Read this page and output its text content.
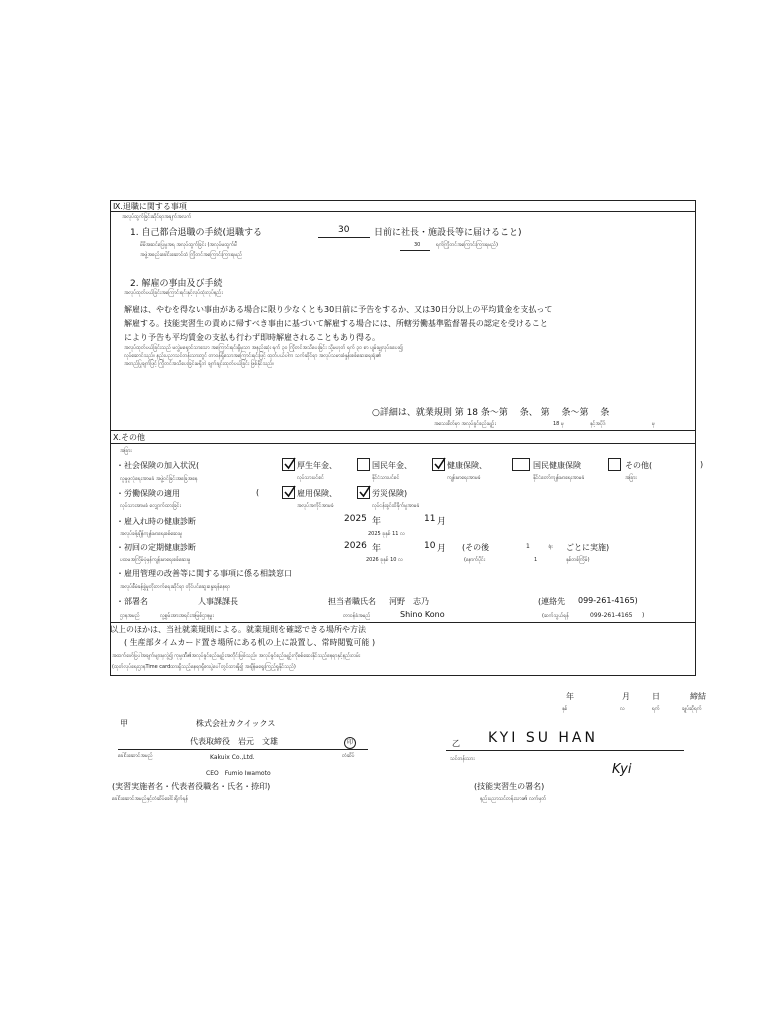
Ⅸ.退職に関する事項
အလုပ်ထွက်ခြင်းဆိုင်ရာအချက်အလက်
1. 自己都合退職の手続(退職する	30	日前に社長・施設長等に届けること)
မိမိအဆင်ပြေမှုအရ အလုပ်ထွက်ခြင်း (အလုပ်မထွက်မီ	30	ရက်ကြိုတင်အကြောင်းကြားရမည်)
အဖွဲ့အစည်းခေါင်းဆောင်ထံ ကြိုတင်အကြောင်းကြားရမည်
2. 解雇の事由及び手続
အလုပ်ထုတ်ပယ်ခြင်းအကြောင်းရင်းနှင့်လုပ်ထုံးလုပ်နည်း
解雇は、やむを得ない事由がある場合に限り少なくとも30日前に予告をするか、又は30日分以上の平均賃金を支払って
解雇する。技能実習生の責めに帰すべき事由に基づいて解雇する場合には、所轄労働基準監督署長の認定を受けること
により予告も平均賃金の支払も行わず即時解雇されることもあり得る。
အလုပ်ထုတ်ပယ်ခြင်းသည် မလွှဲမရှောင်သာသော အကြောင်းရင်းရှိမှသာ အနည်းဆုံး ရက် ၃၀ ကြိုတင်အသိပေးခြင်း သို့မဟုတ် ရက် ၃၀ စာ ပျမ်းမျှလုပ်ခပေး၍
လုပ်ဆောင်သည်။ နည်းပညာသင်တန်းသားတွင် တာဝန်ရှိသောအကြောင်းရင်းဖြင့် ထုတ်ပယ်ပါက သက်ဆိုင်ရာ အလုပ်သမားစံနှုန်းစစ်ဆေးရေးရုံး၏
အတည်ပြုချက်ဖြင့် ကြိုတင်အသိပေးခြင်းမရှိဘဲ ချက်ချင်းထုတ်ပယ်ခြင်း ဖြစ်နိုင်သည်။
○詳細は、就業規則 第 18 条～第 　条、 第 　条～第 　条
အသေးစိတ်မှာ အလုပ်ခွင်စည်းမျဉ်း	18 မှ	နှင့်အပိုဒ်	မှ
Ⅹ.その他
အခြား
・社会保険の加入状況(
လူမှုဖူလုံရေးအာမခံ အဖွဲ့ဝင်ခြင်းအခြေအနေ
厚生年金、
လုပ်သားပင်စင်
国民年金、
နိုင်ငံသားပင်စင်
健康保険、
ကျန်းမာရေးအာမခံ
国民健康保険
နိုင်ငံတော်ကျန်းမာရေးအာမခံ
その他(
အခြား
)
・労働保険の適用
လုပ်သားအာမခံ လျှောက်ထားခြင်း
(	雇用保険、
အလုပ်အကိုင်အာမခံ
労災保険)
လုပ်ငန်းခွင်ထိခိုက်မှုအာမခံ
・雇入れ時の健康診断	2025 年	11 月
အလုပ်ခန့်ချိန်ကျန်းမာရေးစစ်ဆေးမှု	2025 ခုနှစ် 11 လ
・初回の定期健康診断	2026 年	10 月 (その後	1	年 ごとに実施)
ပထမအကြိမ်ပုံမှန်ကျန်းမာရေးစစ်ဆေးမှု	2026 ခုနှစ် 10 လ	(နောက်ပိုင်း	1	နှစ်တစ်ကြိမ်)
・雇用管理の改善等に関する事項に係る相談窓口
အလုပ်စီမံခန့်ခွဲမှုတိုးတက်ရေးဆိုင်ရာ တိုင်ပင်ဆွေးနွေးရန်နေရာ
・部署名	人事課課長
ဌာနအမည်	လူ့စွမ်းအားအရင်းအမြစ်ဌာနမှူး
担当者職氏名 河野　志乃
တာဝန်ခံအမည်	Shino Kono
(連絡先 099-261-4165)
(ဆက်သွယ်ရန်	099-261-4165 )
以上のほかは、当社就業規則による。就業規則を確認できる場所や方法
( 生産部タイムカード置き場所にある机の上に設置し、常時閲覧可能 )
အထက်ဖော်ပြပါအချက်များမှလွဲ၍ ကုမ္ပဏီ၏အလုပ်ခွင်စည်းမျဉ်းအတိုင်းဖြစ်သည်။ အလုပ်ခွင်စည်းမျဉ်းကိုစစ်ဆေးနိုင်သည့်နေရာနှင့်နည်းလမ်း
(ထုတ်လုပ်ရေးဌာနTime cardထားရှိသည့်နေရာရှိစားပွဲပေါ်တွင်ထားရှိ၍ အချိန်မရွေးကြည့်ရှုနိုင်သည်)
年	月	日	締結
နှစ်	လ	ရက်	ချုပ်ဆိုရက်
甲	株式会社カクイックス
代表取締役　岩元　文雄	印
ခေါင်းဆောင်အမည်	Kakuix Co.,Ltd.	တံဆိပ်
CEO　Fumio Iwamoto
(実習実施者名・代表者役職名・氏名・捺印)
ခေါင်းဆောင်အမည်နှင့်တံဆိပ်ခေါင်းရိုက်ရန်
乙 KYI SU HAN
သင်တန်းသား
Kyi
(技能実習生の署名)
နည်းပညာသင်တန်းသား၏ လက်မှတ်
